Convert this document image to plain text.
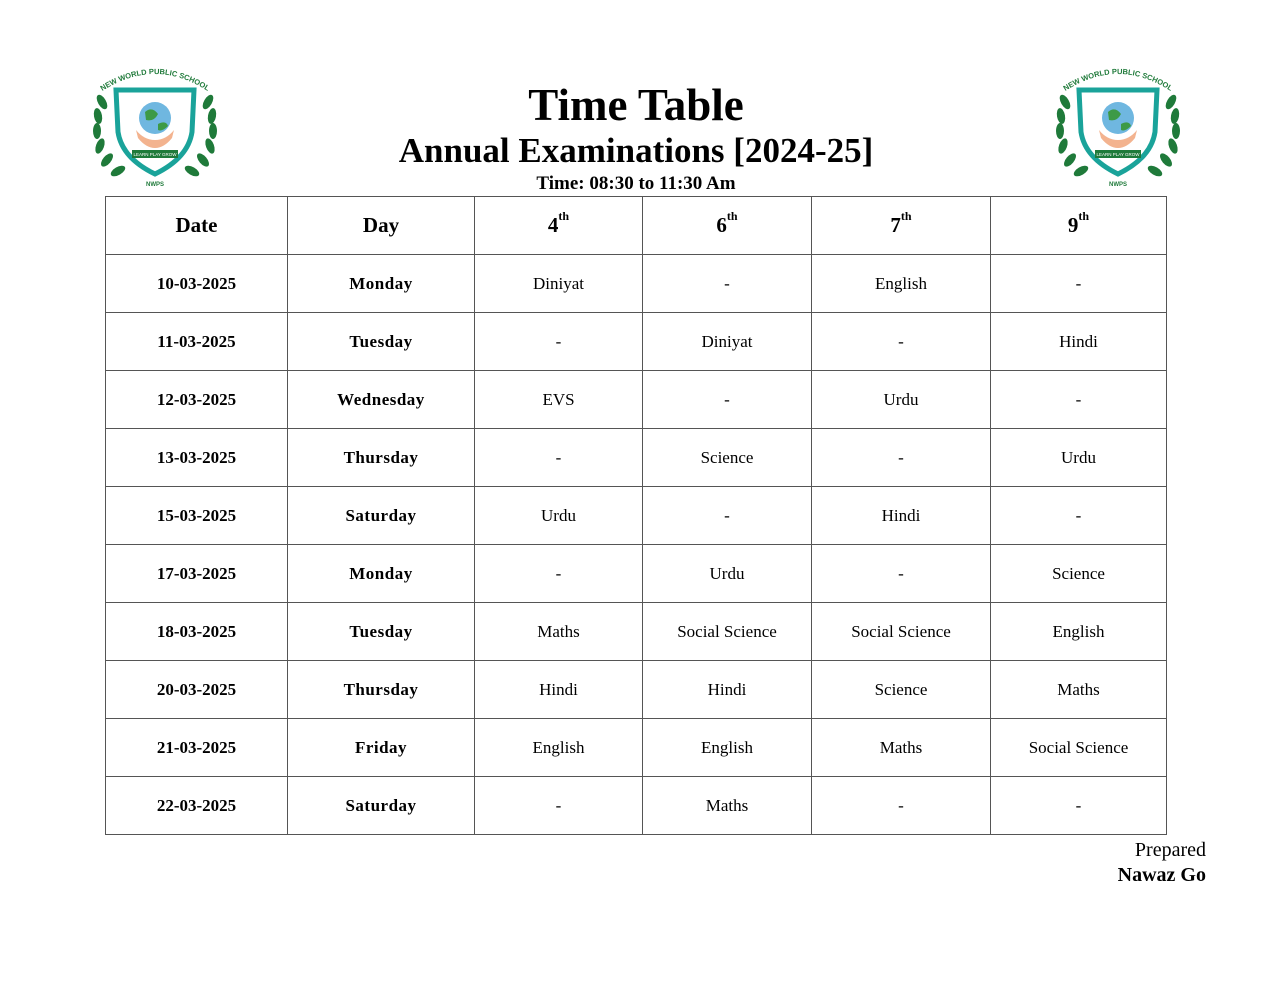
NEW WORLD PUBLIC SCHOOL
LEARN PLAY GROW
NWPS
NEW WORLD PUBLIC SCHOOL
LEARN PLAY GROW
NWPS
Time Table
Annual Examinations [2024-25]
Time: 08:30 to 11:30 Am
Date	Day	4th	6th	7th	9th
10-03-2025	Monday	Diniyat	-	English	-
11-03-2025	Tuesday	-	Diniyat	-	Hindi
12-03-2025	Wednesday	EVS	-	Urdu	-
13-03-2025	Thursday	-	Science	-	Urdu
15-03-2025	Saturday	Urdu	-	Hindi	-
17-03-2025	Monday	-	Urdu	-	Science
18-03-2025	Tuesday	Maths	Social Science	Social Science	English
20-03-2025	Thursday	Hindi	Hindi	Science	Maths
21-03-2025	Friday	English	English	Maths	Social Science
22-03-2025	Saturday	-	Maths	-	-
Prepared
Nawaz Go
